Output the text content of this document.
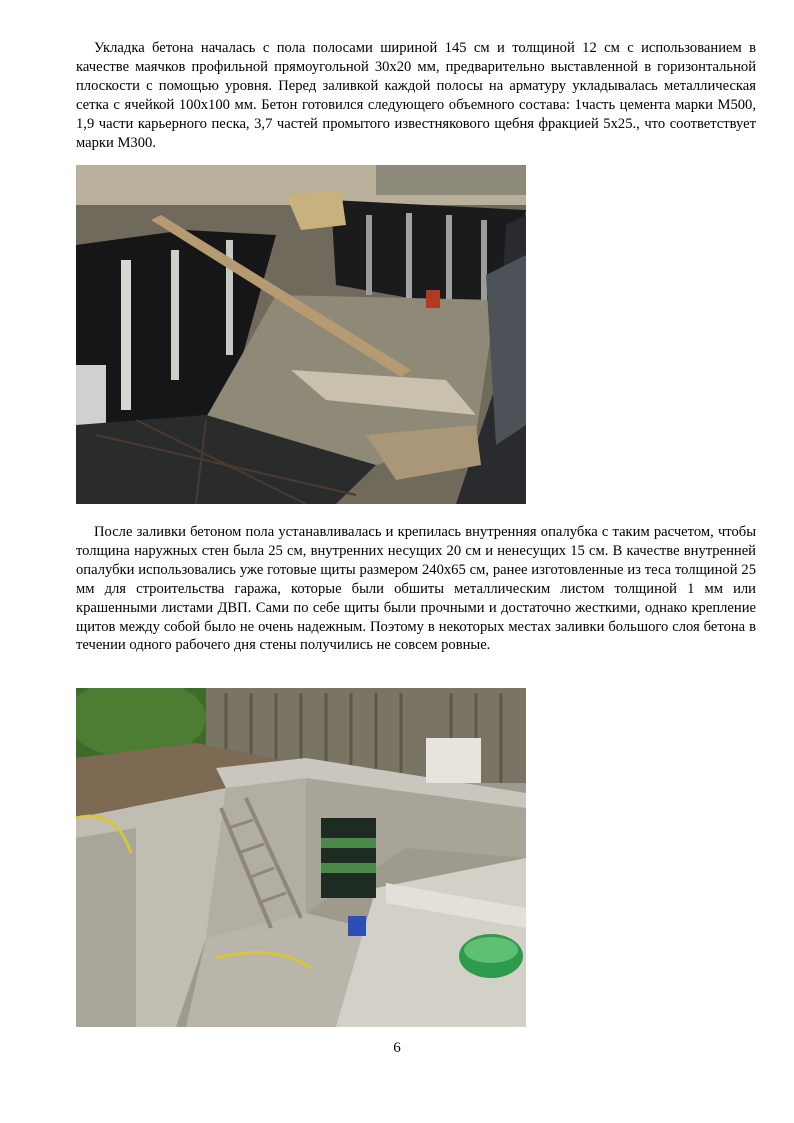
Укладка бетона началась с пола полосами шириной 145 см и толщиной 12 см с использованием в качестве маячков профильной прямоугольной 30х20 мм, предварительно выставленной в горизонтальной плоскости с помощью уровня. Перед заливкой каждой полосы на арматуру укладывалась металлическая сетка с ячейкой 100х100 мм. Бетон готовился следующего объемного состава: 1часть цемента марки М500, 1,9 части карьерного песка, 3,7 частей промытого известнякового щебня фракцией 5х25., что соответствует марки М300.

После заливки бетоном пола устанавливалась и крепилась внутренняя опалубка с таким расчетом, чтобы толщина наружных стен была 25 см, внутренних несущих 20 см и ненесущих 15 см. В качестве внутренней опалубки использовались уже готовые щиты размером 240х65 см, ранее изготовленные из теса толщиной 25 мм для строительства гаража, которые были обшиты металлическим листом толщиной 1 мм или крашенными листами ДВП. Сами по себе щиты были прочными и достаточно жесткими, однако крепление щитов между собой было не очень надежным. Поэтому в некоторых местах заливки большого слоя бетона в течении одного рабочего дня стены получились не совсем ровные.

6
